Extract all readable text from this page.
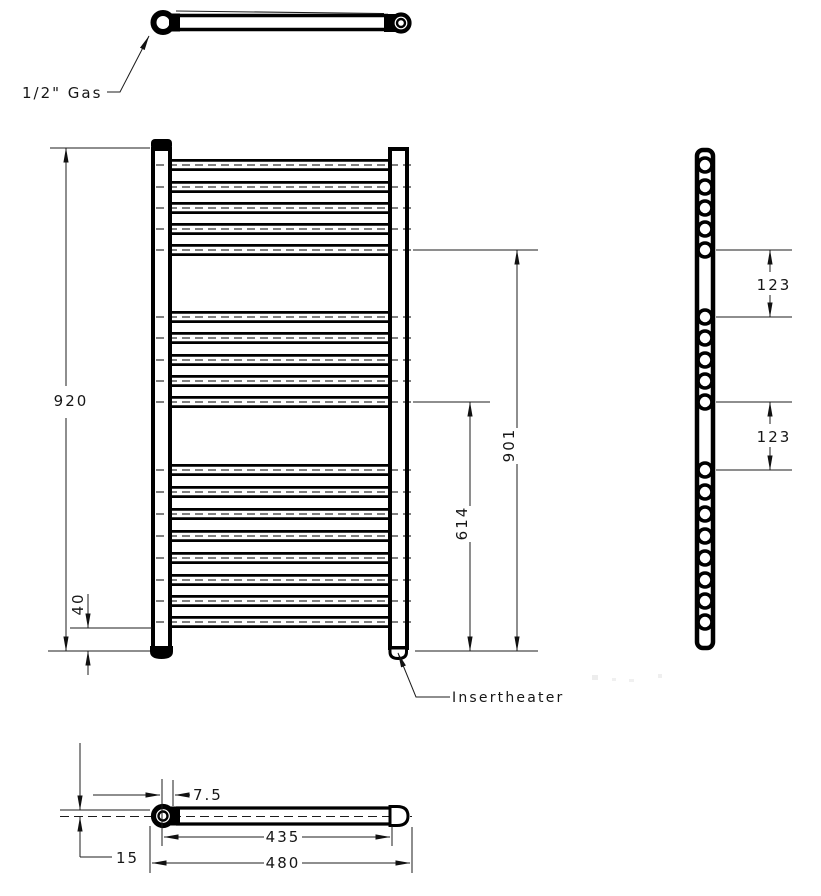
1/2" Gas
920
40
901
614
Insertheater
123
123
15
7.5
435
480
